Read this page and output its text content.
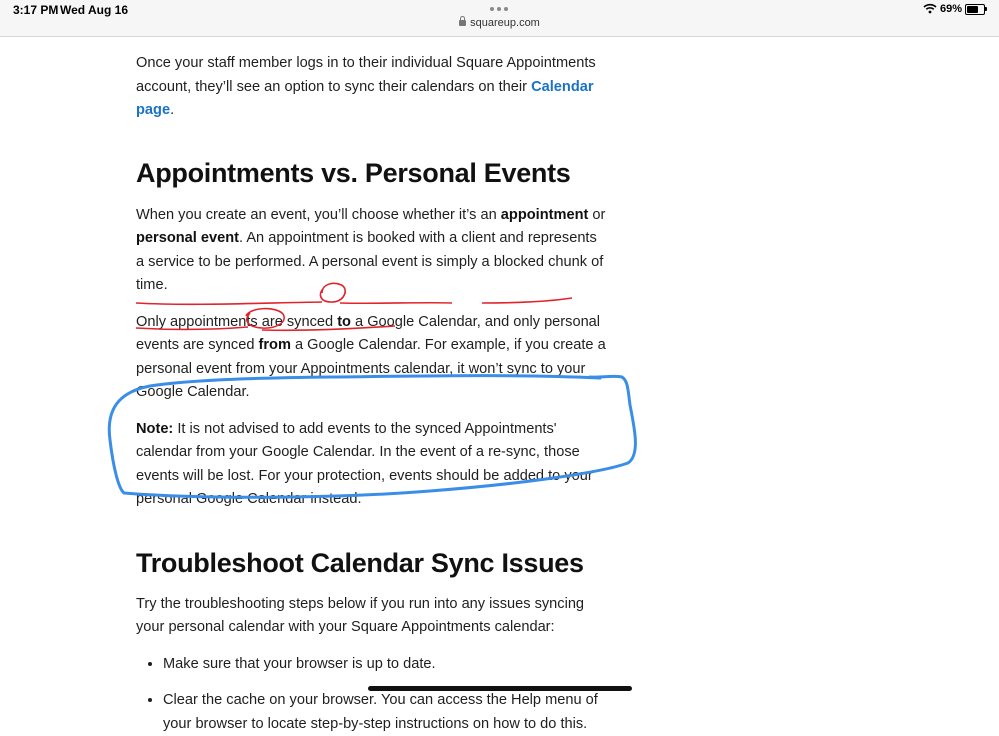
3:17 PM Wed Aug 16
squareup.com
69%

Once your staff member logs in to their individual Square Appointments account, they’ll see an option to sync their calendars on their Calendar page.

Appointments vs. Personal Events

When you create an event, you’ll choose whether it’s an appointment or personal event. An appointment is booked with a client and represents a service to be performed. A personal event is simply a blocked chunk of time.

Only appointments are synced to a Google Calendar, and only personal events are synced from a Google Calendar. For example, if you create a personal event from your Appointments calendar, it won’t sync to your Google Calendar.

Note: It is not advised to add events to the synced Appointments' calendar from your Google Calendar. In the event of a re-sync, those events will be lost. For your protection, events should be added to your personal Google Calendar instead.

Troubleshoot Calendar Sync Issues

Try the troubleshooting steps below if you run into any issues syncing your personal calendar with your Square Appointments calendar:

• Make sure that your browser is up to date.
• Clear the cache on your browser. You can access the Help menu of your browser to locate step-by-step instructions on how to do this.
